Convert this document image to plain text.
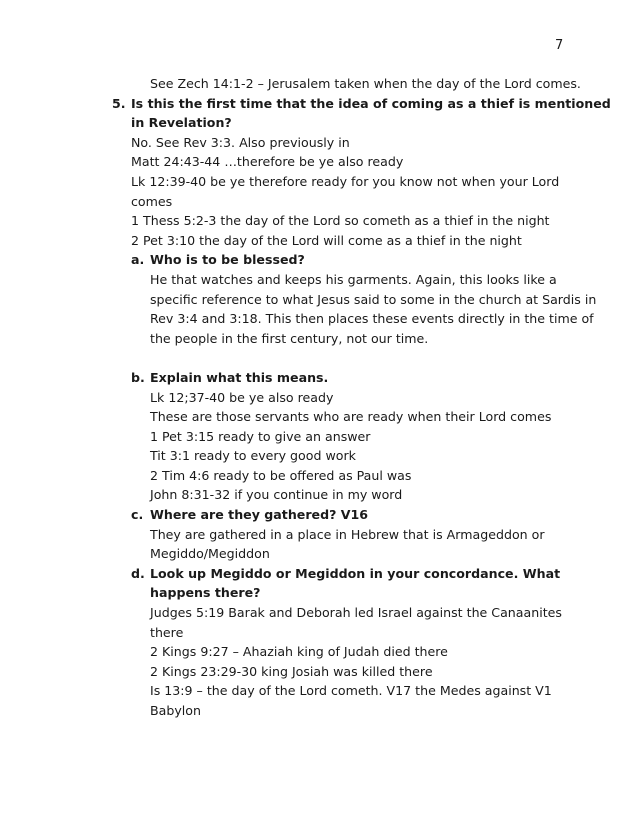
7
See Zech 14:1-2 – Jerusalem taken when the day of the Lord comes.
5. Is this the first time that the idea of coming as a thief is mentioned
in Revelation?
No. See Rev 3:3. Also previously in
Matt 24:43-44 …therefore be ye also ready
Lk 12:39-40 be ye therefore ready for you know not when your Lord
comes
1 Thess 5:2-3 the day of the Lord so cometh as a thief in the night
2 Pet 3:10 the day of the Lord will come as a thief in the night
a. Who is to be blessed?
He that watches and keeps his garments. Again, this looks like a
specific reference to what Jesus said to some in the church at Sardis in
Rev 3:4 and 3:18. This then places these events directly in the time of
the people in the first century, not our time.
b. Explain what this means.
Lk 12;37-40 be ye also ready
These are those servants who are ready when their Lord comes
1 Pet 3:15 ready to give an answer
Tit 3:1 ready to every good work
2 Tim 4:6 ready to be offered as Paul was
John 8:31-32 if you continue in my word
c. Where are they gathered? V16
They are gathered in a place in Hebrew that is Armageddon or
Megiddo/Megiddon
d. Look up Megiddo or Megiddon in your concordance. What
happens there?
Judges 5:19 Barak and Deborah led Israel against the Canaanites
there
2 Kings 9:27 – Ahaziah king of Judah died there
2 Kings 23:29-30 king Josiah was killed there
Is 13:9 – the day of the Lord cometh. V17 the Medes against V1
Babylon
